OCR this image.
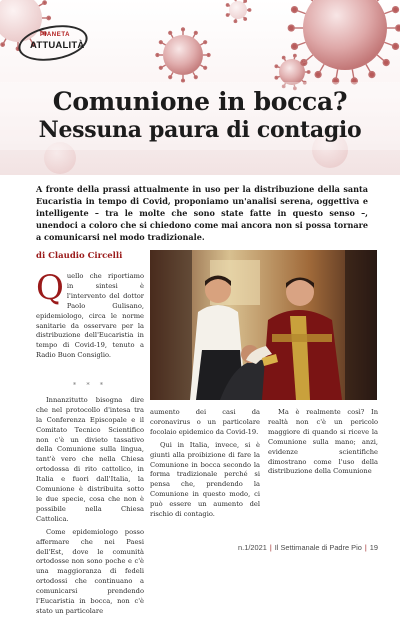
PIANETA
ATTUALITÀ
Comunione in bocca?
Nessuna paura di contagio

A fronte della prassi attualmente in uso per la distribuzione della santa Eucaristia in tempo di Covid, proponiamo un'analisi serena, oggettiva e intelligente – tra le molte che sono state fatte in questo senso –, unendoci a coloro che si chiedono come mai ancora non si possa tornare a comunicarsi nel modo tradizionale.

di Claudio Circelli
Q uello che riportiamo in sintesi è l'intervento del dottor Paolo Gulisano, epidemiologo, circa le norme sanitarie da osservare per la distribuzione dell'Eucaristia in tempo di Covid-19, tenuto a Radio Buon Consiglio.
* * *

Innanzitutto bisogna dire che nel protocollo d'intesa tra la Conferenza Episcopale e il Comitato Tecnico Scientifico non c'è un divieto tassativo della Comunione sulla lingua, tant'è vero che nella Chiesa ortodossa di rito cattolico, in Italia e fuori dall'Italia, la Comunione è distribuita sotto le due specie, cosa che non è possibile nella Chiesa Cattolica.

Come epidemiologo posso affermare che nei Paesi dell'Est, dove le comunità ortodosse non sono poche e c'è una maggioranza di fedeli ortodossi che continuano a comunicarsi prendendo l'Eucaristia in bocca, non c'è stato un particolare

aumento dei casi da coronavirus o un particolare focolaio epidemico da Covid-19.

Qui in Italia, invece, si è giunti alla proibizione di fare la Comunione in bocca secondo la forma tradizionale perché si pensa che, prendendo la Comunione in questo modo, ci può essere un aumento del rischio di contagio.

Ma è realmente così? In realtà non c'è un pericolo maggiore di quando si riceve la Comunione sulla mano; anzi, evidenze scientifiche dimostrano come l'uso della distribuzione della Comunione

n.1/2021 | Il Settimanale di Padre Pio | 19
